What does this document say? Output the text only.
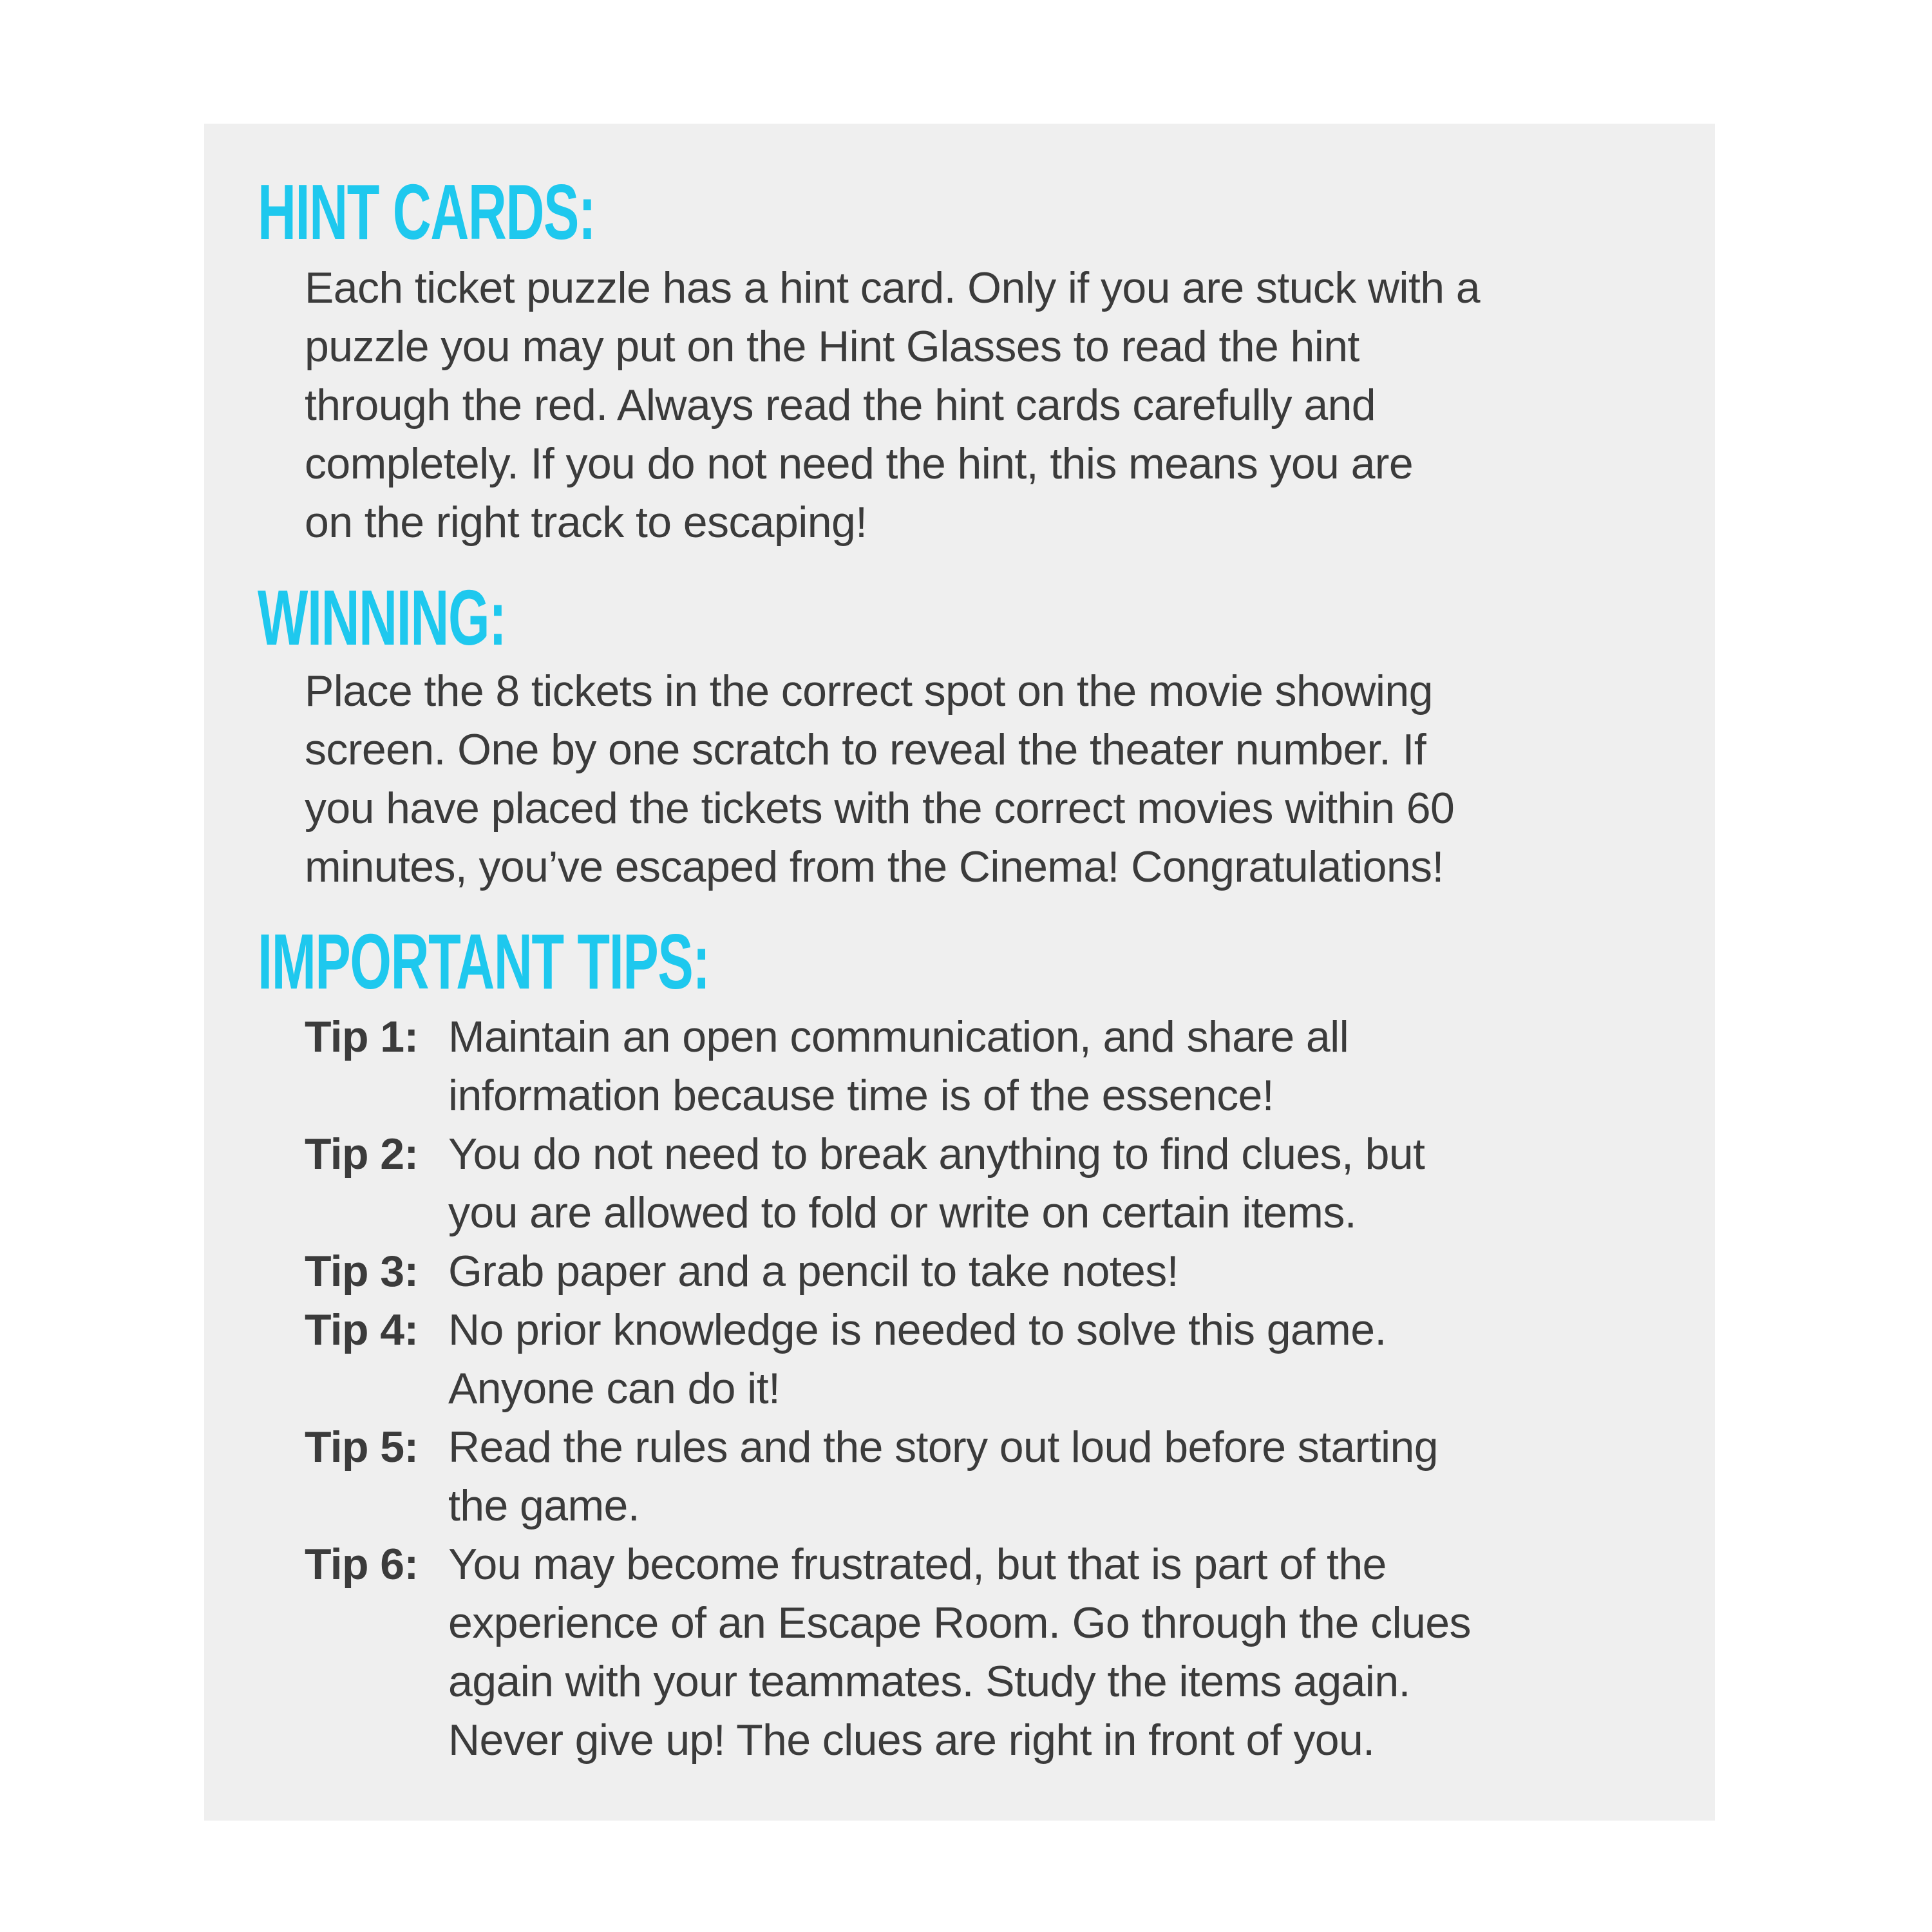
HINT CARDS:
Each ticket puzzle has a hint card. Only if you are stuck with a
puzzle you may put on the Hint Glasses to read the hint
through the red. Always read the hint cards carefully and
completely. If you do not need the hint, this means you are
on the right track to escaping!
WINNING:
Place the 8 tickets in the correct spot on the movie showing
screen. One by one scratch to reveal the theater number. If
you have placed the tickets with the correct movies within 60
minutes, you’ve escaped from the Cinema! Congratulations!
IMPORTANT TIPS:
Tip 1: Maintain an open communication, and share all
information because time is of the essence!
Tip 2: You do not need to break anything to find clues, but
you are allowed to fold or write on certain items.
Tip 3: Grab paper and a pencil to take notes!
Tip 4: No prior knowledge is needed to solve this game.
Anyone can do it!
Tip 5: Read the rules and the story out loud before starting
the game.
Tip 6: You may become frustrated, but that is part of the
experience of an Escape Room. Go through the clues
again with your teammates. Study the items again.
Never give up! The clues are right in front of you.
